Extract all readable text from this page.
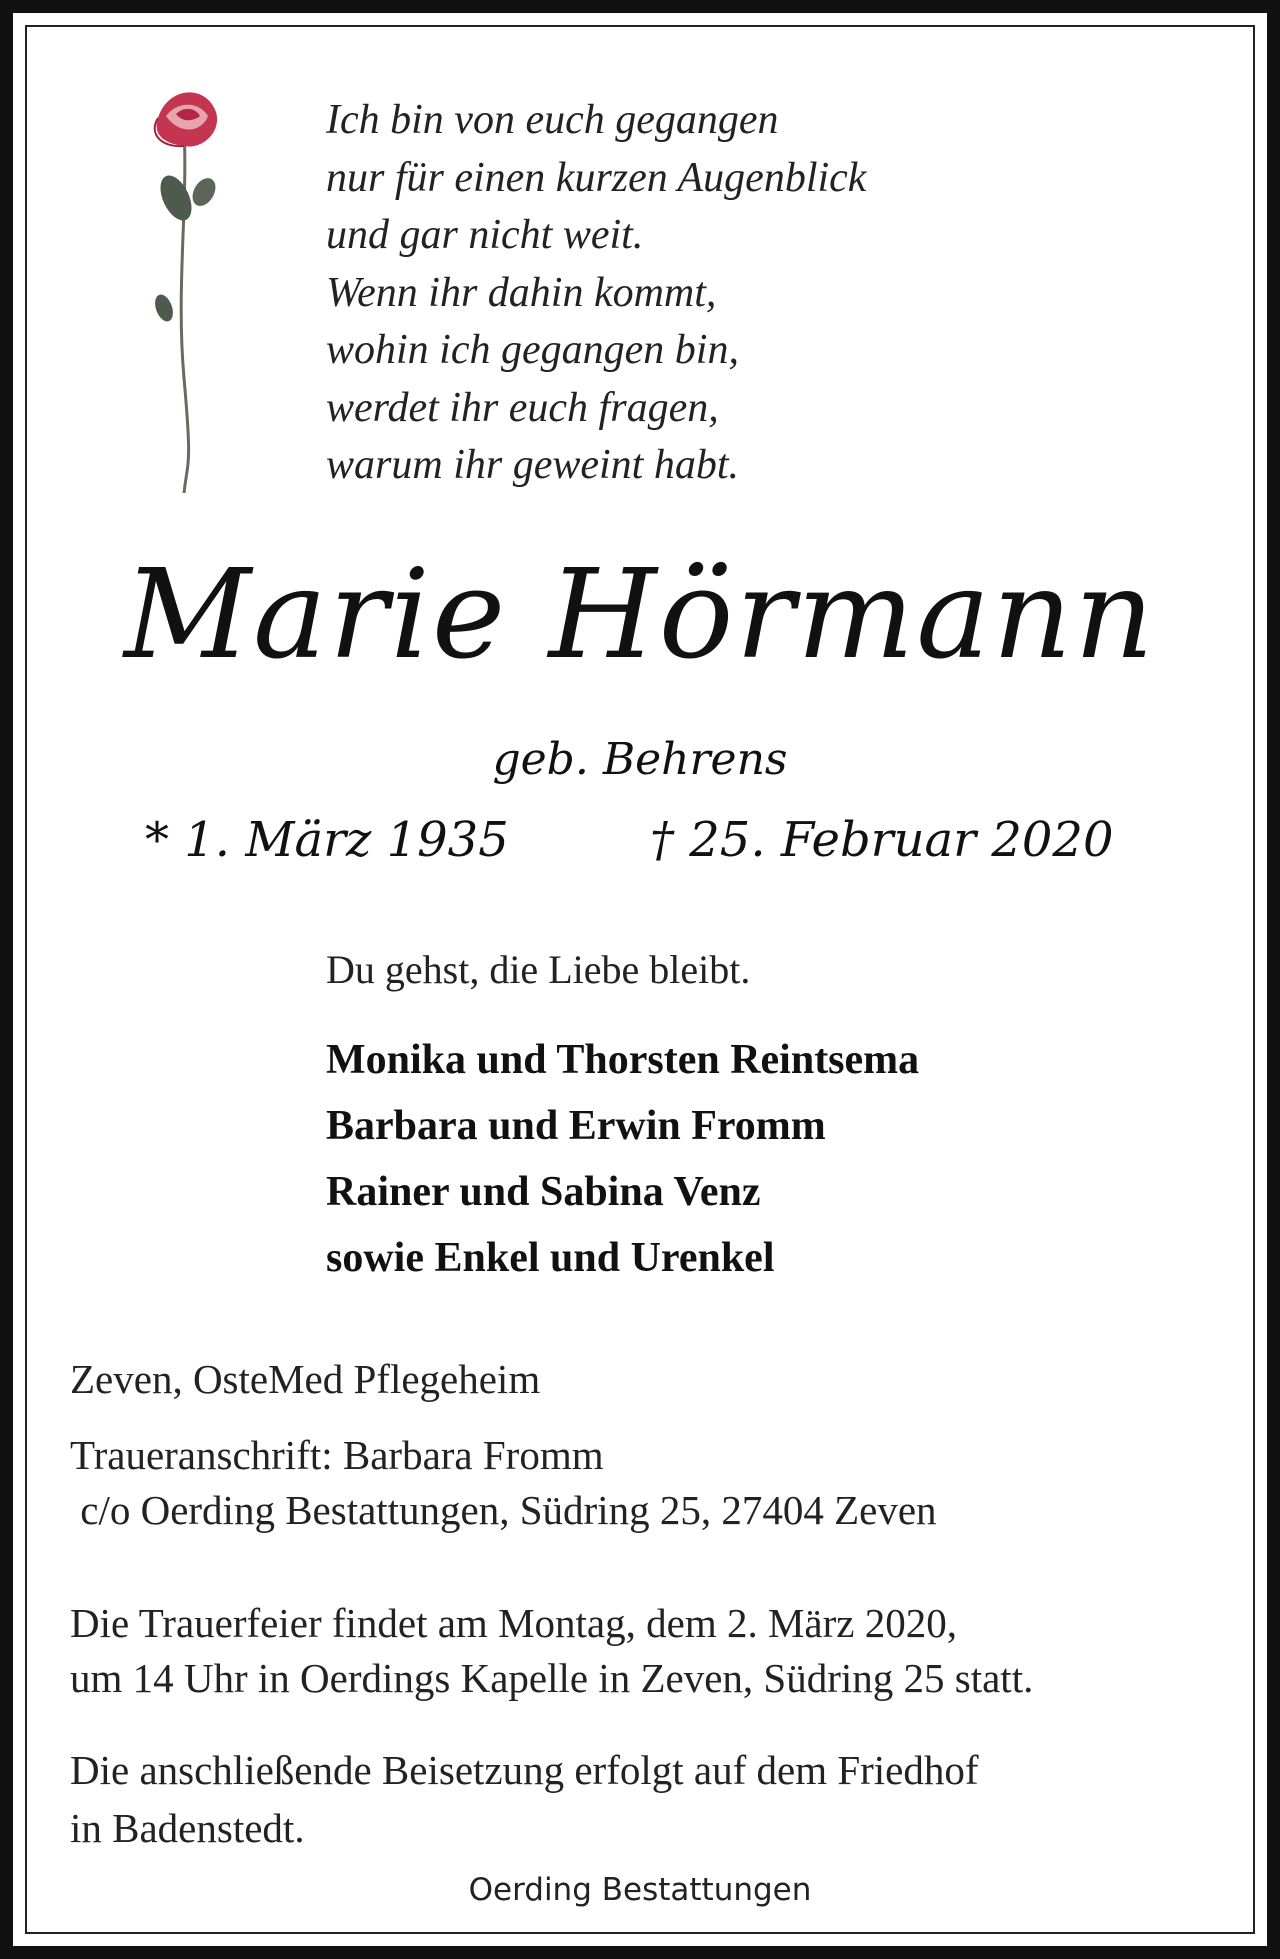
Ich bin von euch gegangen
nur für einen kurzen Augenblick
und gar nicht weit.
Wenn ihr dahin kommt,
wohin ich gegangen bin,
werdet ihr euch fragen,
warum ihr geweint habt.
Marie Hörmann
geb. Behrens
* 1. März 1935	† 25. Februar 2020
Du gehst, die Liebe bleibt.
Monika und Thorsten Reintsema
Barbara und Erwin Fromm
Rainer und Sabina Venz
sowie Enkel und Urenkel
Zeven, OsteMed Pflegeheim
Traueranschrift: Barbara Fromm
c/o Oerding Bestattungen, Südring 25, 27404 Zeven
Die Trauerfeier findet am Montag, dem 2. März 2020,
um 14 Uhr in Oerdings Kapelle in Zeven, Südring 25 statt.
Die anschließende Beisetzung erfolgt auf dem Friedhof
in Badenstedt.
Oerding Bestattungen
